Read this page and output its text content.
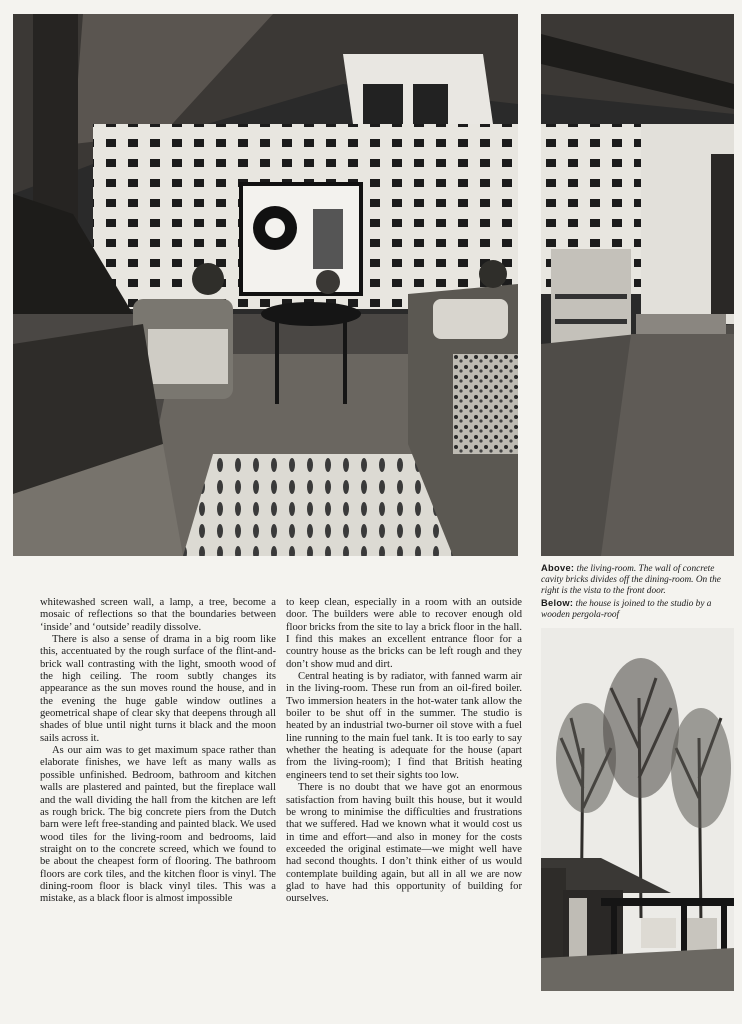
Above: the living-room. The wall of concrete cavity bricks divides off the dining-room. On the right is the vista to the front door.
Below: the house is joined to the studio by a wooden pergola-roof

whitewashed screen wall, a lamp, a tree, become a mosaic of reflections so that the boundaries between ‘inside’ and ‘outside’ readily dissolve.

There is also a sense of drama in a big room like this, accentuated by the rough surface of the flint-and-brick wall contrasting with the light, smooth wood of the high ceiling. The room subtly changes its appearance as the sun moves round the house, and in the evening the huge gable window outlines a geometrical shape of clear sky that deepens through all shades of blue until night turns it black and the moon sails across it.

As our aim was to get maximum space rather than elaborate finishes, we have left as many walls as possible unfinished. Bedroom, bathroom and kitchen walls are plastered and painted, but the fireplace wall and the wall dividing the hall from the kitchen are left as rough brick. The big concrete piers from the Dutch barn were left free-standing and painted black. We used wood tiles for the living-room and bedrooms, laid straight on to the concrete screed, which we found to be about the cheapest form of flooring. The bathroom floors are cork tiles, and the kitchen floor is vinyl. The dining-room floor is black vinyl tiles. This was a mistake, as a black floor is almost impossible

to keep clean, especially in a room with an outside door. The builders were able to recover enough old floor bricks from the site to lay a brick floor in the hall. I find this makes an excellent entrance floor for a country house as the bricks can be left rough and they don’t show mud and dirt.

Central heating is by radiator, with fanned warm air in the living-room. These run from an oil-fired boiler. Two immersion heaters in the hot-water tank allow the boiler to be shut off in the summer. The studio is heated by an industrial two-burner oil stove with a fuel line running to the main fuel tank. It is too early to say whether the heating is adequate for the house (apart from the living-room); I find that British heating engineers tend to set their sights too low.

There is no doubt that we have got an enormous satisfaction from having built this house, but it would be wrong to minimise the difficulties and frustrations that we suffered. Had we known what it would cost us in time and effort—and also in money for the costs exceeded the original estimate—we might well have had second thoughts. I don’t think either of us would contemplate building again, but all in all we are now glad to have had this opportunity of building for ourselves.
